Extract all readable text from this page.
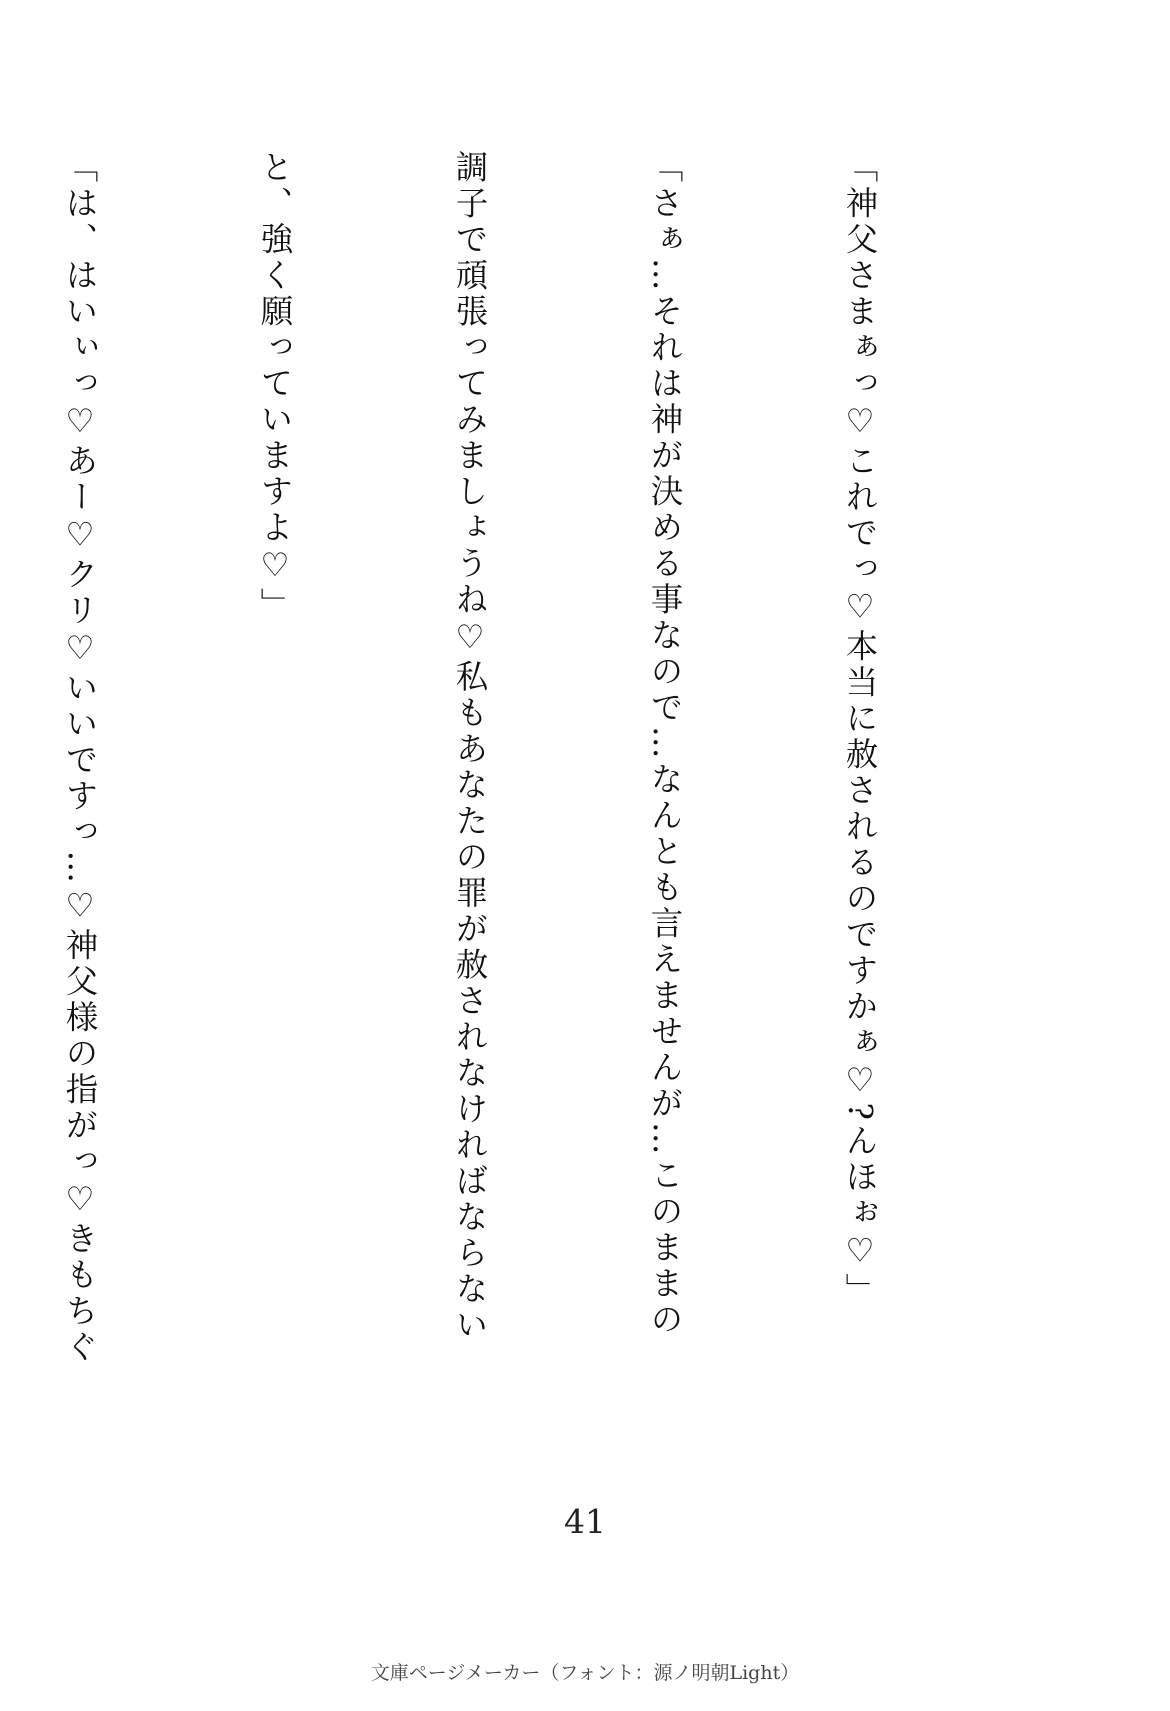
「神父さまぁっ♡これでっ♡本当に赦されるのですかぁ♡?んほぉ♡」

「さぁ…それは神が決める事なので…なんとも言えませんが…このままの

調子で頑張ってみましょうね♡私もあなたの罪が赦されなければならない

と、強く願っていますよ♡」

「は、はいぃっ♡あー♡クリ♡いいですっ…♡神父様の指がっ♡きもちぐ

41
文庫ページメーカー（フォント：源ノ明朝Light）
